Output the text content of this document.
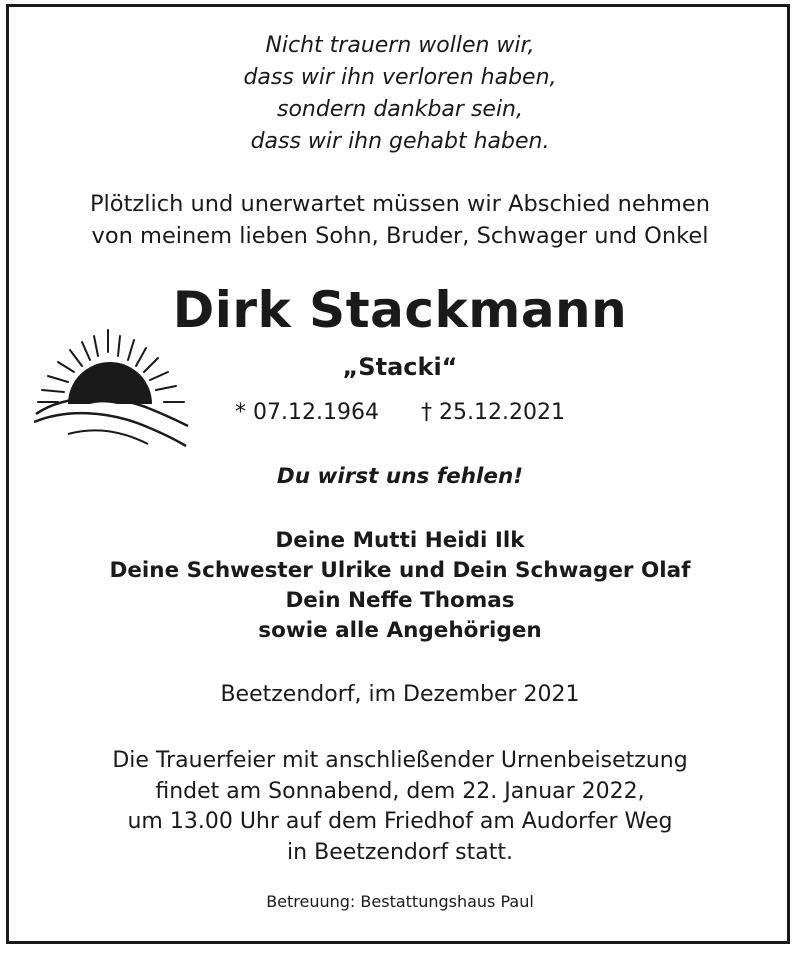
Nicht trauern wollen wir,
dass wir ihn verloren haben,
sondern dankbar sein,
dass wir ihn gehabt haben.
Plötzlich und unerwartet müssen wir Abschied nehmen
von meinem lieben Sohn, Bruder, Schwager und Onkel
Dirk Stackmann
„Stacki“
* 07.12.1964 † 25.12.2021
Du wirst uns fehlen!
Deine Mutti Heidi Ilk
Deine Schwester Ulrike und Dein Schwager Olaf
Dein Neffe Thomas
sowie alle Angehörigen
Beetzendorf, im Dezember 2021
Die Trauerfeier mit anschließender Urnenbeisetzung
findet am Sonnabend, dem 22. Januar 2022,
um 13.00 Uhr auf dem Friedhof am Audorfer Weg
in Beetzendorf statt.
Betreuung: Bestattungshaus Paul
